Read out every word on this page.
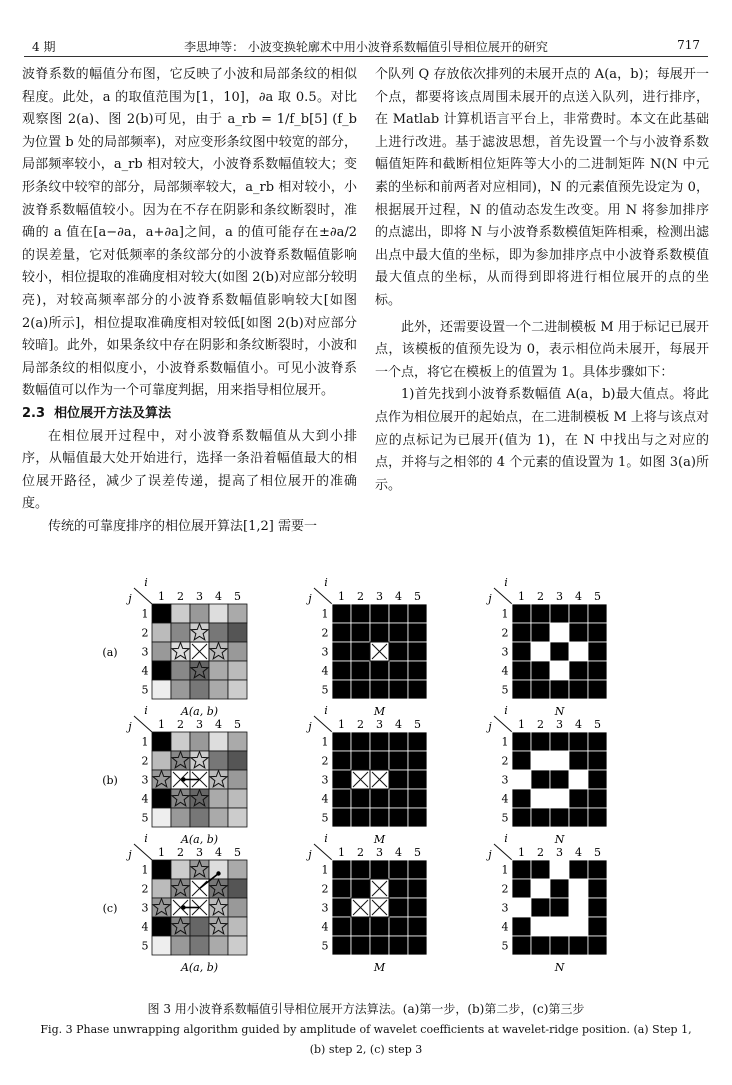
4 期	李思坤等： 小波变换轮廓术中用小波脊系数幅值引导相位展开的研究	717

波脊系数的幅值分布图，它反映了小波和局部条纹的相似程度。此处，a 的取值范围为[1，10]，∂a 取 0.5。对比观察图 2(a)、图 2(b)可见，由于 a_rb = 1/f_b[5] (f_b 为位置 b 处的局部频率)，对应变形条纹图中较宽的部分，局部频率较小，a_rb 相对较大，小波脊系数幅值较大；变形条纹中较窄的部分，局部频率较大，a_rb 相对较小，小波脊系数幅值较小。因为在不存在阴影和条纹断裂时，准确的 a 值在[a−∂a，a+∂a]之间，a 的值可能存在±∂a/2 的误差量，它对低频率的条纹部分的小波脊系数幅值影响较小，相位提取的准确度相对较大(如图 2(b)对应部分较明亮)，对较高频率部分的小波脊系数幅值影响较大[如图 2(a)所示]，相位提取准确度相对较低[如图 2(b)对应部分较暗]。此外，如果条纹中存在阴影和条纹断裂时，小波和局部条纹的相似度小，小波脊系数幅值小。可见小波脊系数幅值可以作为一个可靠度判据，用来指导相位展开。

2.3 相位展开方法及算法

在相位展开过程中，对小波脊系数幅值从大到小排序，从幅值最大处开始进行，选择一条沿着幅值最大的相位展开路径，减少了误差传递，提高了相位展开的准确度。

传统的可靠度排序的相位展开算法[1,2] 需要一

个队列 Q 存放依次排列的未展开点的 A(a，b)；每展开一个点，都要将该点周围未展开的点送入队列，进行排序，在 Matlab 计算机语言平台上，非常费时。本文在此基础上进行改进。基于滤波思想，首先设置一个与小波脊系数幅值矩阵和截断相位矩阵等大小的二进制矩阵 N(N 中元素的坐标和前两者对应相同)，N 的元素值预先设定为 0，根据展开过程，N 的值动态发生改变。用 N 将参加排序的点滤出，即将 N 与小波脊系数模值矩阵相乘，检测出滤出点中最大值的坐标，即为参加排序点中小波脊系数模值最大值点的坐标，从而得到即将进行相位展开的点的坐标。

此外，还需要设置一个二进制模板 M 用于标记已展开点，该模板的值预先设为 0，表示相位尚未展开，每展开一个点，将它在模板上的值置为 1。具体步骤如下：

1)首先找到小波脊系数幅值 A(a，b)最大值点。将此点作为相位展开的起始点，在二进制模板 M 上将与该点对应的点标记为已展开(值为 1)，在 N 中找出与之对应的点，并将与之相邻的 4 个元素的值设置为 1。如图 3(a)所示。

(a)
i
j 1
1
2
2
3
3
4
4
5
5
A(a, b)
i
j 1
1
2
2
3
3
4
4
5
5
M
i
j 1
1
2
2
3
3
4
4
5
5
N
(b)
i
j 1
1
2
2
3
3
4
4
5
5
A(a, b)
i
j 1
1
2
2
3
3
4
4
5
5
M
i
j 1
1
2
2
3
3
4
4
5
5
N
(c)
i
j 1
1
2
2
3
3
4
4
5
5
A(a, b)
i
j 1
1
2
2
3
3
4
4
5
5
M
i
j 1
1
2
2
3
3
4
4
5
5
N
图 3 用小波脊系数幅值引导相位展开方法算法。(a)第一步，(b)第二步，(c)第三步
Fig. 3 Phase unwrapping algorithm guided by amplitude of wavelet coefficients at wavelet-ridge position. (a) Step 1, (b) step 2, (c) step 3
